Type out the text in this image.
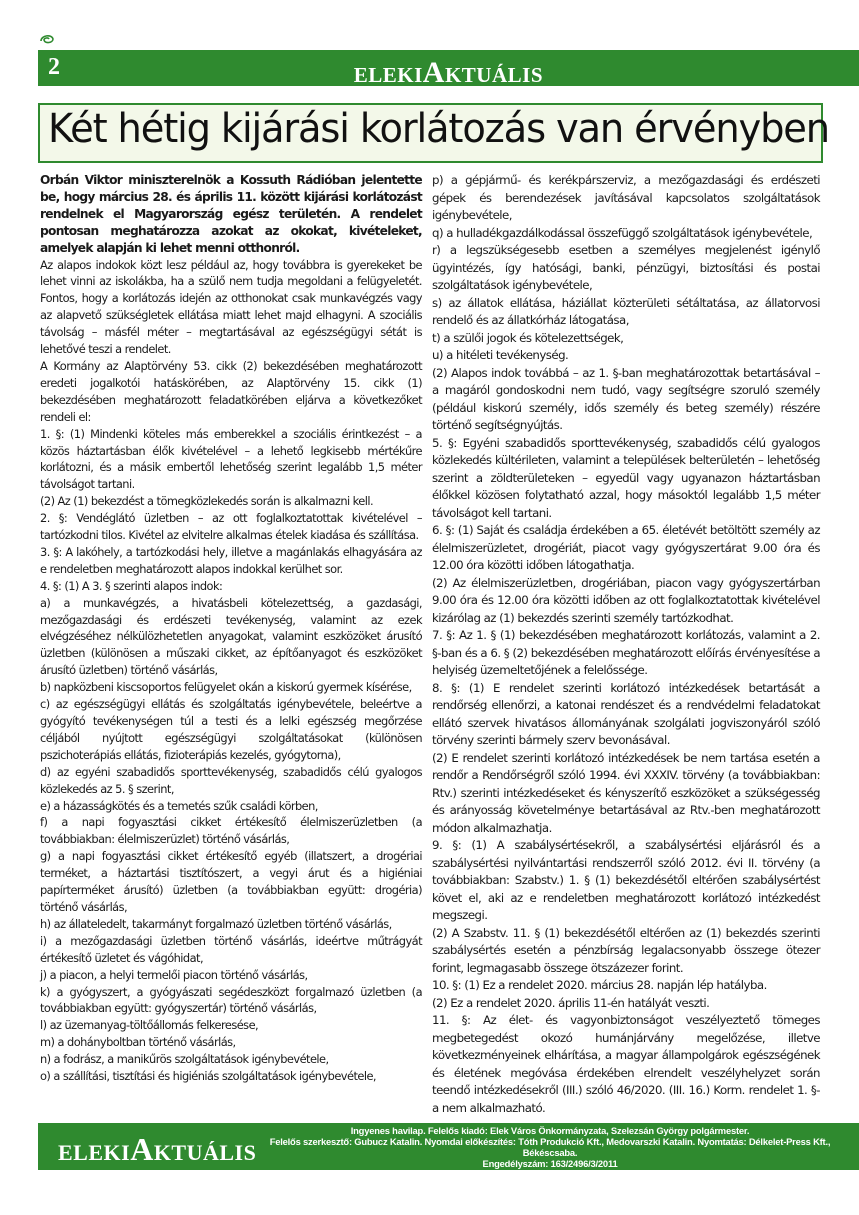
2	ELEKIAKTUÁLIS
Két hétig kijárási korlátozás van érvényben

Orbán Viktor miniszterelnök a Kossuth Rádióban jelentette be, hogy március 28. és április 11. között kijárási korlátozást rendelnek el Magyarország egész területén. A rendelet pontosan meghatározza azokat az okokat, kivételeket, amelyek alapján ki lehet menni otthonról.

Az alapos indokok közt lesz például az, hogy továbbra is gyerekeket be lehet vinni az iskolákba, ha a szülő nem tudja megoldani a felügyeletét. Fontos, hogy a korlátozás idején az otthonokat csak munkavégzés vagy az alapvető szükségletek ellátása miatt lehet majd elhagyni. A szociális távolság – másfél méter – megtartásával az egészségügyi sétát is lehetővé teszi a rendelet.

A Kormány az Alaptörvény 53. cikk (2) bekezdésében meghatározott eredeti jogalkotói hatáskörében, az Alaptörvény 15. cikk (1) bekezdésében meghatározott feladatkörében eljárva a következőket rendeli el:

1. §: (1) Mindenki köteles más emberekkel a szociális érintkezést – a közös háztartásban élők kivételével – a lehető legkisebb mértékűre korlátozni, és a másik embertől lehetőség szerint legalább 1,5 méter távolságot tartani.

(2) Az (1) bekezdést a tömegközlekedés során is alkalmazni kell.

2. §: Vendéglátó üzletben – az ott foglalkoztatottak kivételével – tartózkodni tilos. Kivétel az elvitelre alkalmas ételek kiadása és szállítása.

3. §: A lakóhely, a tartózkodási hely, illetve a magánlakás elhagyására az e rendeletben meghatározott alapos indokkal kerülhet sor.

4. §: (1) A 3. § szerinti alapos indok:

a) a munkavégzés, a hivatásbeli kötelezettség, a gazdasági, mezőgazdasági és erdészeti tevékenység, valamint az ezek elvégzéséhez nélkülözhetetlen anyagokat, valamint eszközöket árusító üzletben (különösen a műszaki cikket, az építőanyagot és eszközöket árusító üzletben) történő vásárlás,

b) napközbeni kiscsoportos felügyelet okán a kiskorú gyermek kísérése,

c) az egészségügyi ellátás és szolgáltatás igénybevétele, beleértve a gyógyító tevékenységen túl a testi és a lelki egészség megőrzése céljából nyújtott egészségügyi szolgáltatásokat (különösen pszichoterápiás ellátás, fizioterápiás kezelés, gyógytorna),

d) az egyéni szabadidős sporttevékenység, szabadidős célú gyalogos közlekedés az 5. § szerint,

e) a házasságkötés és a temetés szűk családi körben,

f) a napi fogyasztási cikket értékesítő élelmiszerüzletben (a továbbiakban: élelmiszerüzlet) történő vásárlás,

g) a napi fogyasztási cikket értékesítő egyéb (illatszert, a drogériai terméket, a háztartási tisztítószert, a vegyi árut és a higiéniai papírterméket árusító) üzletben (a továbbiakban együtt: drogéria) történő vásárlás,

h) az állateledelt, takarmányt forgalmazó üzletben történő vásárlás,

i) a mezőgazdasági üzletben történő vásárlás, ideértve műtrágyát értékesítő üzletet és vágóhidat,

j) a piacon, a helyi termelői piacon történő vásárlás,

k) a gyógyszert, a gyógyászati segédeszközt forgalmazó üzletben (a továbbiakban együtt: gyógyszertár) történő vásárlás,

l) az üzemanyag-töltőállomás felkeresése,

m) a dohányboltban történő vásárlás,

n) a fodrász, a manikűrös szolgáltatások igénybevétele,

o) a szállítási, tisztítási és higiéniás szolgáltatások igénybevétele,

p) a gépjármű- és kerékpárszerviz, a mezőgazdasági és erdészeti gépek és berendezések javításával kapcsolatos szolgáltatások igénybevétele,

q) a hulladékgazdálkodással összefüggő szolgáltatások igénybevétele,

r) a legszükségesebb esetben a személyes megjelenést igénylő ügyintézés, így hatósági, banki, pénzügyi, biztosítási és postai szolgáltatások igénybevétele,

s) az állatok ellátása, háziállat közterületi sétáltatása, az állatorvosi rendelő és az állatkórház látogatása,

t) a szülői jogok és kötelezettségek,

u) a hitéleti tevékenység.

(2) Alapos indok továbbá – az 1. §-ban meghatározottak betartásával – a magáról gondoskodni nem tudó, vagy segítségre szoruló személy (például kiskorú személy, idős személy és beteg személy) részére történő segítségnyújtás.

5. §: Egyéni szabadidős sporttevékenység, szabadidős célú gyalogos közlekedés kültérileten, valamint a települések belterületén – lehetőség szerint a zöldterületeken – egyedül vagy ugyanazon háztartásban élőkkel közösen folytatható azzal, hogy másoktól legalább 1,5 méter távolságot kell tartani.

6. §: (1) Saját és családja érdekében a 65. életévét betöltött személy az élelmiszerüzletet, drogériát, piacot vagy gyógyszertárat 9.00 óra és 12.00 óra közötti időben látogathatja.

(2) Az élelmiszerüzletben, drogériában, piacon vagy gyógyszertárban 9.00 óra és 12.00 óra közötti időben az ott foglalkoztatottak kivételével kizárólag az (1) bekezdés szerinti személy tartózkodhat.

7. §: Az 1. § (1) bekezdésében meghatározott korlátozás, valamint a 2. §-ban és a 6. § (2) bekezdésében meghatározott előírás érvényesítése a helyiség üzemeltetőjének a felelőssége.

8. §: (1) E rendelet szerinti korlátozó intézkedések betartását a rendőrség ellenőrzi, a katonai rendészet és a rendvédelmi feladatokat ellátó szervek hivatásos állományának szolgálati jogviszonyáról szóló törvény szerinti bármely szerv bevonásával.

(2) E rendelet szerinti korlátozó intézkedések be nem tartása esetén a rendőr a Rendőrségről szóló 1994. évi XXXIV. törvény (a továbbiakban: Rtv.) szerinti intézkedéseket és kényszerítő eszközöket a szükségesség és arányosság követelménye betartásával az Rtv.-ben meghatározott módon alkalmazhatja.

9. §: (1) A szabálysértésekről, a szabálysértési eljárásról és a szabálysértési nyilvántartási rendszerről szóló 2012. évi II. törvény (a továbbiakban: Szabstv.) 1. § (1) bekezdésétől eltérően szabálysértést követ el, aki az e rendeletben meghatározott korlátozó intézkedést megszegi.

(2) A Szabstv. 11. § (1) bekezdésétől eltérően az (1) bekezdés szerinti szabálysértés esetén a pénzbírság legalacsonyabb összege ötezer forint, legmagasabb összege ötszázezer forint.

10. §: (1) Ez a rendelet 2020. március 28. napján lép hatályba.

(2) Ez a rendelet 2020. április 11-én hatályát veszti.

11. §: Az élet- és vagyonbiztonságot veszélyeztető tömeges megbetegedést okozó humánjárvány megelőzése, illetve következményeinek elhárítása, a magyar állampolgárok egészségének és életének megóvása érdekében elrendelt veszélyhelyzet során teendő intézkedésekről (III.) szóló 46/2020. (III. 16.) Korm. rendelet 1. §-a nem alkalmazható.

ELEKIAKTUÁLIS
Ingyenes havilap. Felelős kiadó: Elek Város Önkormányzata, Szelezsán György polgármester.
Felelős szerkesztő: Gubucz Katalin. Nyomdai előkészítés: Tóth Produkció Kft., Medovarszki Katalin. Nyomtatás: Délkelet-Press Kft., Békéscsaba.
Engedélyszám: 163/2496/3/2011
